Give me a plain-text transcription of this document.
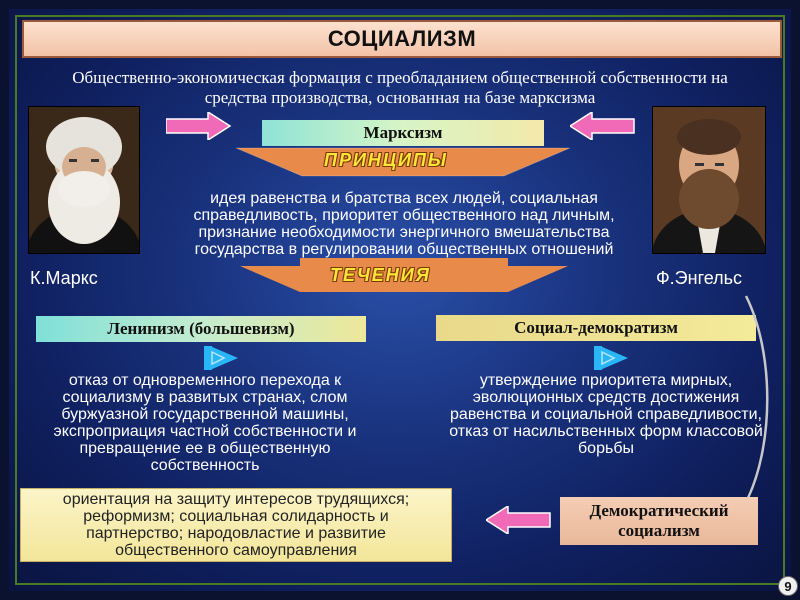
СОЦИАЛИЗМ
Общественно-экономическая формация с преобладанием общественной собственности на средства производства, основанная на базе марксизма
К.Маркс	Ф.Энгельс
Марксизм
ПРИНЦИПЫ
идея равенства и братства всех людей, социальная справедливость, приоритет общественного над личным, признание необходимости энергичного вмешательства государства в регулировании общественных отношений
ТЕЧЕНИЯ
Ленинизм (большевизм)	Социал-демократизм
отказ от одновременного перехода к социализму в развитых странах, слом буржуазной государственной машины, экспроприация частной собственности и превращение ее в общественную собственность
утверждение приоритета мирных, эволюционных средств достижения равенства и социальной справедливости, отказ от насильственных форм классовой борьбы
ориентация на защиту интересов трудящихся; реформизм; социальная солидарность и партнерство; народовластие и развитие общественного самоуправления
Демократический социализм
9
